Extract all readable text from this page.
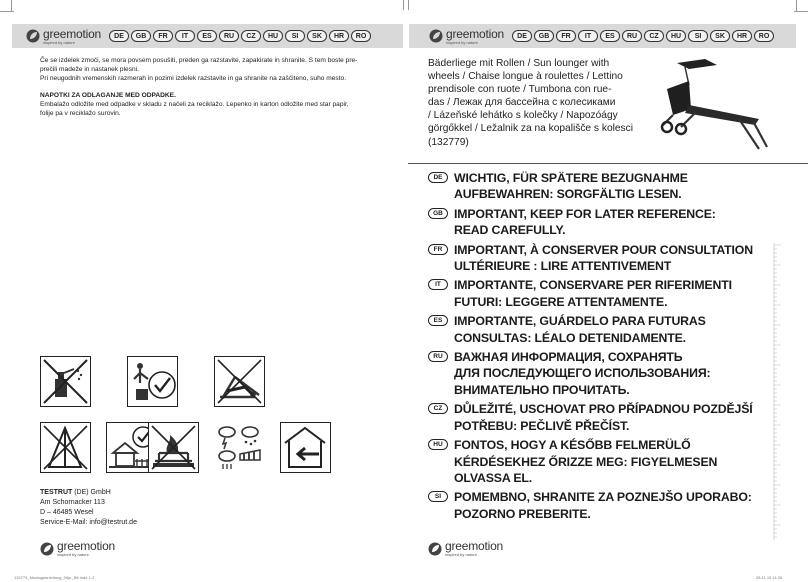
greemotion
inspired by nature
DE	GB	FR	IT	ES	RU	CZ	HU	SI	SK	HR	RO	greemotion
inspired by nature
DE	GB	FR	IT	ES	RU	CZ	HU	SI	SK	HR	RO

Če se izdelek zmoči, se mora povsem posušiti, preden ga razstavite, zapakirate in shranite. S tem boste pre-

prečili madeže in nastanek plesni.

Pri neugodnih vremenskih razmerah in pozimi izdelek razstavite in ga shranite na zaščiteno, suho mesto.

NAPOTKI ZA ODLAGANJE MED ODPADKE.

Embalažo odložite med odpadke v skladu z načeli za reciklažo. Lepenko in karton odložite med star papir,

folije pa v reciklažo surovin.

TESTRUT (DE) GmbH
Am Schornacker 113
D – 46485 Wesel
Service-E-Mail: info@testrut.de
greemotion
inspired by nature
greemotion
inspired by nature
132779_Montageanleitung_09pr_B5.indd 1-2	28.11.19 11:26

Bäderliege mit Rollen / Sun lounger with

wheels / Chaise longue à roulettes / Lettino

prendisole con ruote / Tumbona con rue-

das / Лежак для бассейна с колесиками

/ Lázeňské lehátko s kolečky / Napozóágy

görgőkkel / Ležalnik za na kopališče s kolesci

(132779)

DE WICHTIG, FÜR SPÄTERE BEZUGNAHME
AUFBEWAHREN: SORGFÄLTIG LESEN.
GB IMPORTANT, KEEP FOR LATER REFERENCE:
READ CAREFULLY.
FR IMPORTANT, À CONSERVER POUR CONSULTATION
ULTÉRIEURE : LIRE ATTENTIVEMENT
IT	IMPORTANTE, CONSERVARE PER RIFERIMENTI
FUTURI: LEGGERE ATTENTAMENTE.
ES IMPORTANTE, GUÁRDELO PARA FUTURAS
CONSULTAS: LÉALO DETENIDAMENTE.
RU ВАЖНАЯ ИНФОРМАЦИЯ, СОХРАНЯТЬ
ДЛЯ ПОСЛЕДУЮЩЕГО ИСПОЛЬЗОВАНИЯ:
ВНИМАТЕЛЬНО ПРОЧИТАТЬ.
CZ DŮLEŽITÉ, USCHOVAT PRO PŘÍPADNOU POZDĚJŠÍ
POTŘEBU: PEČLIVĚ PŘEČÍST.
HU FONTOS, HOGY A KÉSŐBB FELMERÜLŐ
KÉRDÉSEKHEZ ŐRIZZE MEG: FIGYELMESEN
OLVASSA EL.
SI	POMEMBNO, SHRANITE ZA POZNEJŠO UPORABO:
POZORNO PREBERITE.
